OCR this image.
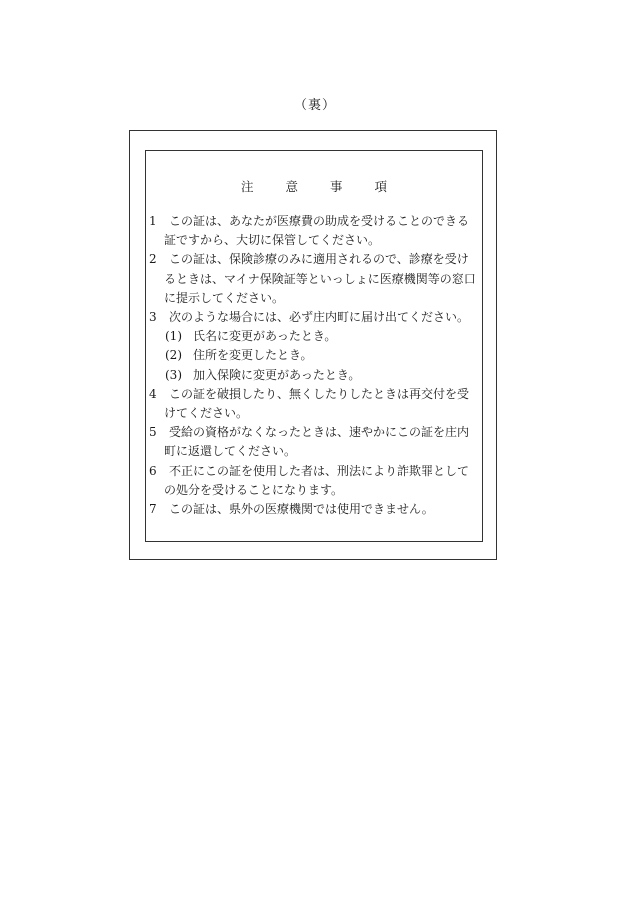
（裏）
注	意	事	項
1	この証は、あなたが医療費の助成を受けることのできる
証ですから、大切に保管してください。
2	この証は、保険診療のみに適用されるので、診療を受け
るときは、マイナ保険証等といっしょに医療機関等の窓口
に提示してください。
3	次のような場合には、必ず庄内町に届け出てください。
(1) 氏名に変更があったとき。
(2) 住所を変更したとき。
(3) 加入保険に変更があったとき。
4	この証を破損したり、無くしたりしたときは再交付を受
けてください。
5	受給の資格がなくなったときは、速やかにこの証を庄内
町に返還してください。
6	不正にこの証を使用した者は、刑法により詐欺罪として
の処分を受けることになります。
7	この証は、県外の医療機関では使用できません。
